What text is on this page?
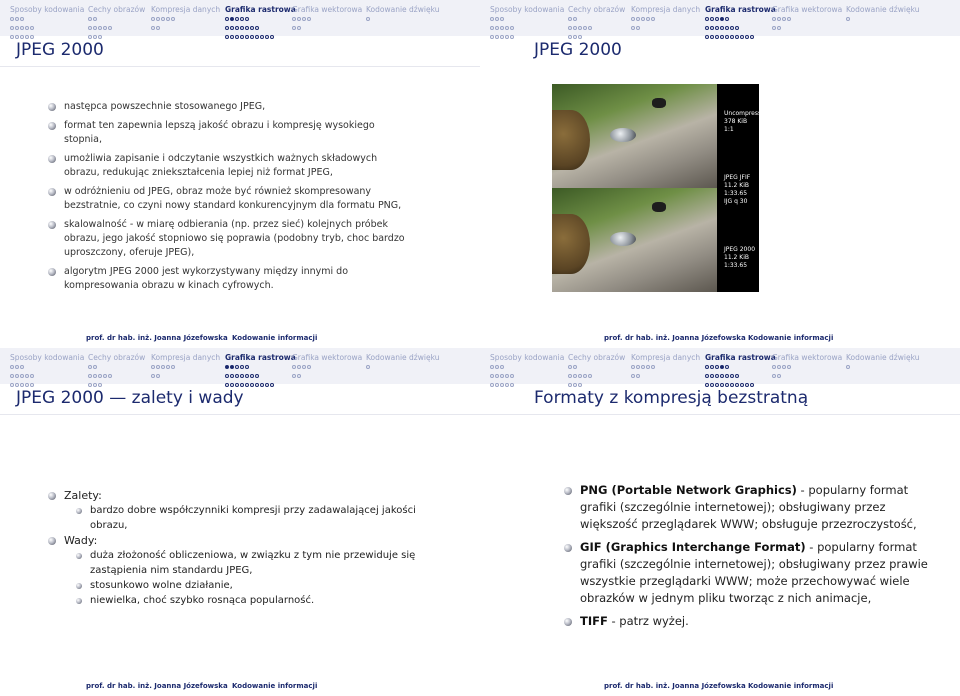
Sposoby kodowania Cechy obrazów Kompresja danych Grafika rastrowa
Grafika wektorowa Kodowanie dźwięku
JPEG 2000
następca powszechnie stosowanego JPEG,
format ten zapewnia lepszą jakość obrazu i kompresję wysokiego stopnia,
umożliwia zapisanie i odczytanie wszystkich ważnych składowych obrazu, redukując zniekształcenia lepiej niż format JPEG,
w odróżnieniu od JPEG, obraz może być również skompresowany bezstratnie, co czyni nowy standard konkurencyjnym dla formatu PNG,
skalowalność - w miarę odbierania (np. przez sieć) kolejnych próbek obrazu, jego jakość stopniowo się poprawia (podobny tryb, choc bardzo uproszczony, oferuje JPEG),
algorytm JPEG 2000 jest wykorzystywany między innymi do kompresowania obrazu w kinach cyfrowych.
prof. dr hab. inż. Joanna Józefowska Kodowanie informacji
Sposoby kodowania Cechy obrazów Kompresja danych Grafika rastrowa
Grafika wektorowa Kodowanie dźwięku
JPEG 2000
prof. dr hab. inż. Joanna Józefowska Kodowanie informacji
Uncompressed
378 KiB
1:1
JPEG JFIF
11.2 KiB
1:33.65
IJG q 30
JPEG 2000
11.2 KiB
1:33.65
Sposoby kodowania Cechy obrazów Kompresja danych Grafika rastrowa
Grafika wektorowa Kodowanie dźwięku
JPEG 2000 — zalety i wady
prof. dr hab. inż. Joanna Józefowska Kodowanie informacji
Zalety:
bardzo dobre współczynniki kompresji przy zadawalającej jakości obrazu,
Wady:
duża złożoność obliczeniowa, w związku z tym nie przewiduje się zastąpienia nim standardu JPEG,
stosunkowo wolne działanie,
niewielka, choć szybko rosnąca popularność.
Sposoby kodowania Cechy obrazów Kompresja danych Grafika rastrowa
Grafika wektorowa Kodowanie dźwięku
Formaty z kompresją bezstratną
prof. dr hab. inż. Joanna Józefowska Kodowanie informacji
PNG (Portable Network Graphics) - popularny format grafiki (szczególnie internetowej); obsługiwany przez większość przeglądarek WWW; obsługuje przezroczystość,
GIF (Graphics Interchange Format) - popularny format grafiki (szczególnie internetowej); obsługiwany przez prawie wszystkie przeglądarki WWW; może przechowywać wiele obrazków w jednym pliku tworząc z nich animacje,
TIFF - patrz wyżej.
